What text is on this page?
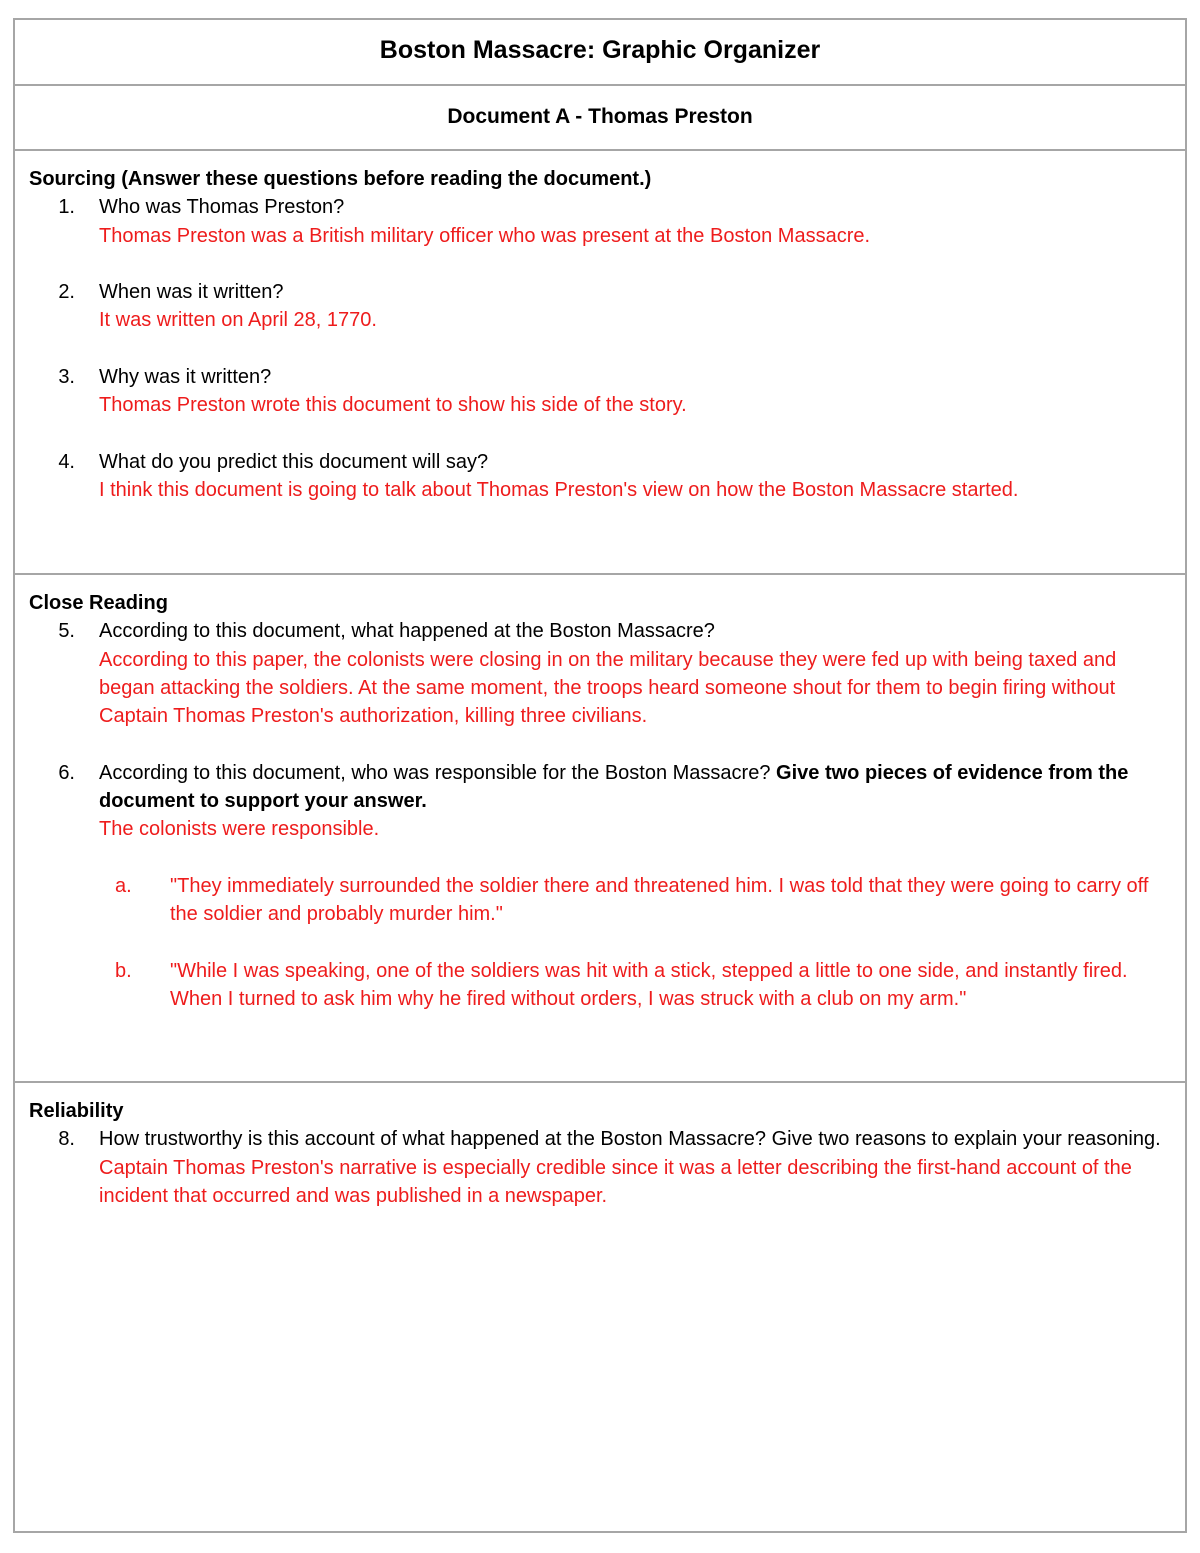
Boston Massacre: Graphic Organizer
Document A - Thomas Preston
Sourcing (Answer these questions before reading the document.)
1. Who was Thomas Preston?
Thomas Preston was a British military officer who was present at the Boston Massacre.
2. When was it written?
It was written on April 28, 1770.
3. Why was it written?
Thomas Preston wrote this document to show his side of the story.
4. What do you predict this document will say?
I think this document is going to talk about Thomas Preston's view on how the Boston Massacre started.
Close Reading
5. According to this document, what happened at the Boston Massacre?
According to this paper, the colonists were closing in on the military because they were fed up with being taxed and began attacking the soldiers. At the same moment, the troops heard someone shout for them to begin firing without Captain Thomas Preston's authorization, killing three civilians.
6. According to this document, who was responsible for the Boston Massacre? Give two pieces of evidence from the document to support your answer.
The colonists were responsible.
a. "They immediately surrounded the soldier there and threatened him. I was told that they were going to carry off the soldier and probably murder him."
b. "While I was speaking, one of the soldiers was hit with a stick, stepped a little to one side, and instantly fired. When I turned to ask him why he fired without orders, I was struck with a club on my arm."
Reliability
8. How trustworthy is this account of what happened at the Boston Massacre? Give two reasons to explain your reasoning.
Captain Thomas Preston's narrative is especially credible since it was a letter describing the first-hand account of the incident that occurred and was published in a newspaper.
